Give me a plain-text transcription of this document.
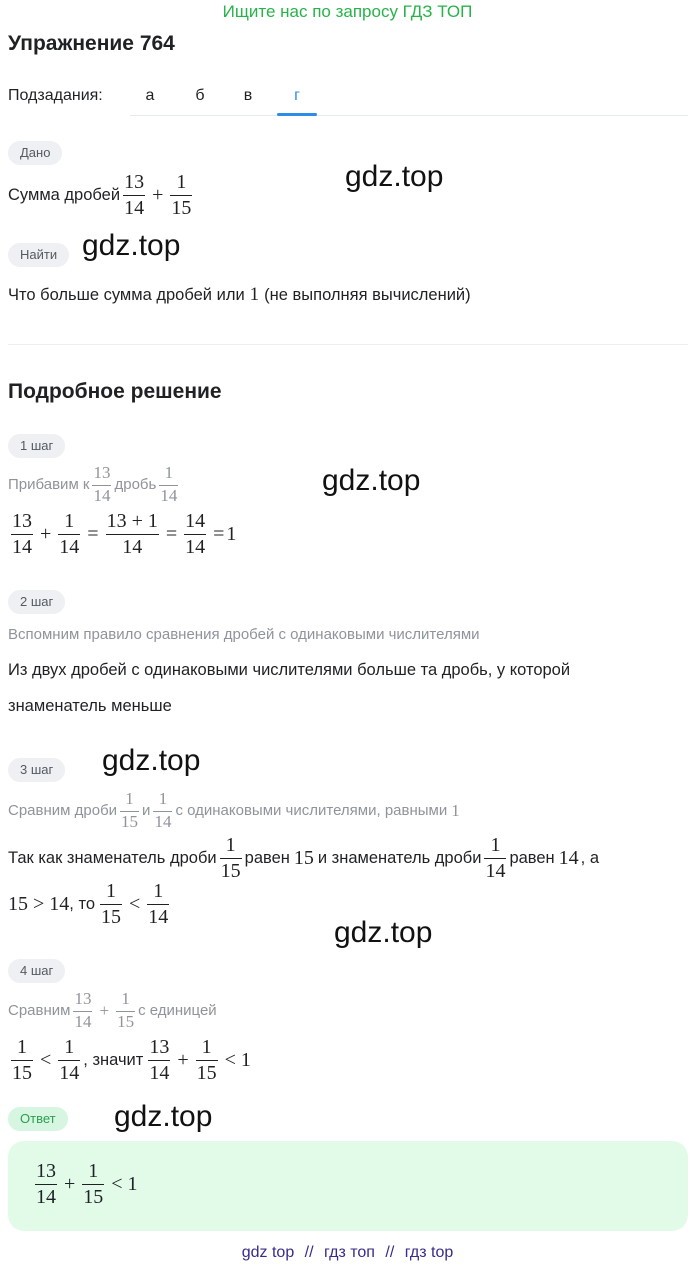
Ищите нас по запросу ГДЗ ТОП
Упражнение 764
Подзадания:	а	б	в	г
Дано
Сумма дробей $\frac{13}{14} + \frac{1}{15}$
Найти
Что больше сумма дробей или 1 (не выполняя вычислений)
Подробное решение
1 шаг
Прибавим к $\frac{13}{14}$ дробь $\frac{1}{14}$
$\frac{13}{14} + \frac{1}{14} = \frac{13 + 1}{14} = \frac{14}{14} = 1$
2 шаг
Вспомним правило сравнения дробей с одинаковыми числителями
Из двух дробей с одинаковыми числителями больше та дробь, у которой
знаменатель меньше
3 шаг
Сравним дроби $\frac{1}{15}$ и $\frac{1}{14}$ с одинаковыми числителями, равными 1
Так как знаменатель дроби $\frac{1}{15}$ равен 15 и знаменатель дроби $\frac{1}{14}$ равен 14 , а
15 > 14 , то $\frac{1}{15} < \frac{1}{14}$
4 шаг
Сравним $\frac{13}{14} + \frac{1}{15}$ с единицей
$\frac{1}{15} < \frac{1}{14}$ , значит $\frac{13}{14} + \frac{1}{15} < 1$
Ответ
$\frac{13}{14} + \frac{1}{15} < 1$
gdz.top
gdz.top
gdz.top
gdz.top
gdz.top
gdz.top
gdz top // гдз топ // гдз top
